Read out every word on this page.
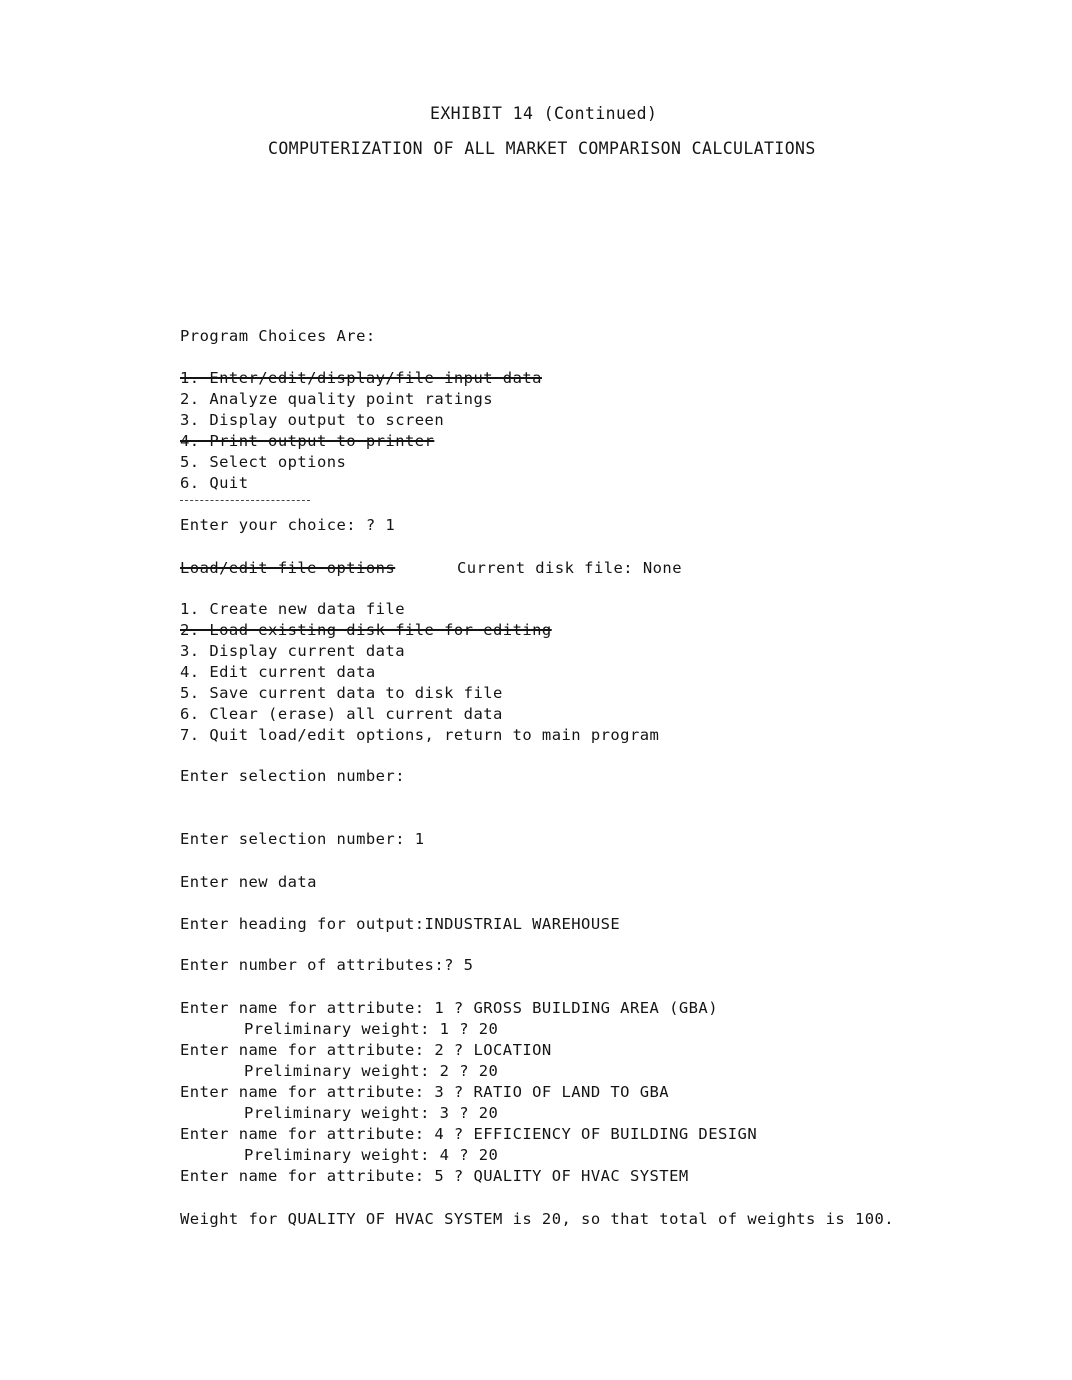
EXHIBIT 14 (Continued)
COMPUTERIZATION OF ALL MARKET COMPARISON CALCULATIONS
Program Choices Are:
1. Enter/edit/display/file input data
2. Analyze quality point ratings
3. Display output to screen
4. Print output to printer
5. Select options
6. Quit
Enter your choice: ? 1
Load/edit file options	Current disk file: None
1. Create new data file
2. Load existing disk file for editing
3. Display current data
4. Edit current data
5. Save current data to disk file
6. Clear (erase) all current data
7. Quit load/edit options, return to main program
Enter selection number:
Enter selection number: 1
Enter new data
Enter heading for output:INDUSTRIAL WAREHOUSE
Enter number of attributes:? 5
Enter name for attribute: 1 ? GROSS BUILDING AREA (GBA)
Preliminary weight: 1 ? 20
Enter name for attribute: 2 ? LOCATION
Preliminary weight: 2 ? 20
Enter name for attribute: 3 ? RATIO OF LAND TO GBA
Preliminary weight: 3 ? 20
Enter name for attribute: 4 ? EFFICIENCY OF BUILDING DESIGN
Preliminary weight: 4 ? 20
Enter name for attribute: 5 ? QUALITY OF HVAC SYSTEM
Weight for QUALITY OF HVAC SYSTEM is 20, so that total of weights is 100.
